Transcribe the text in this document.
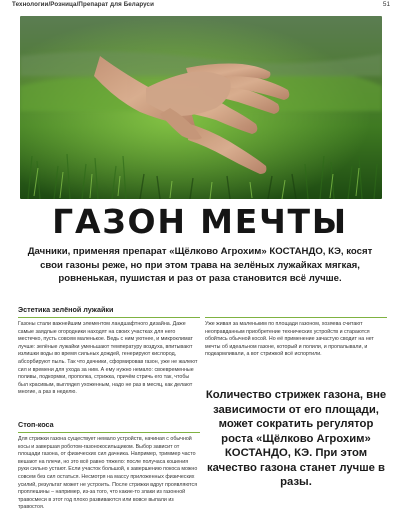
Технологии/Розница/Препарат для Беларуси	51
ГАЗОН МЕЧТЫ

Дачники, применяя препарат «Щёлково Агрохим» КОСТАНДО, КЭ, косят свои газоны реже, но при этом трава на зелёных лужайках мягкая, ровненькая, пушистая и раз от раза становится всё лучше.

Эстетика зелёной лужайки

Газоны стали важнейшим элементом ландшафтного дизайна. Даже самые заядлые огородники находят на своих участках для него местечко, пусть совсем маленькое. Ведь с ним уютнее, и микроклимат лучше: зелёные лужайки уменьшают температуру воздуха, впитывают излишки воды во время сильных дождей, генерируют кислород, абсорбируют пыль. Так что дачники, сформировав газон, уже не жалеют сил и времени для ухода за ним. А ему нужно немало: своевременные поливы, подкормки, прополка, стрижка, причём стричь его так, чтобы был красивым, выглядел ухоженным, надо не раз в месяц, как делают многие, а раз в неделю.

Уже живая за маленьким по площади газоном, хозяева считают неоправданным приобретение технических устройств и стараются обойтись обычной косой. Но её применение зачастую сводит на нет мечты об идеальном газоне, который и полили, и пропалывали, и подкармливали, а вот стрижкой всё испортили.

Стоп-коса

Для стрижки газона существует немало устройств, начиная с обычной косы и завершая роботом-газонокосильщиком. Выбор зависит от площади газона, от физических сил дачника. Например, триммер часто вешают на плечи, но это всё равно тяжело: после получаса кошения руки сильно устают. Если участок большой, к завершению покоса можно совсем без сил остаться. Несмотря на массу приложенных физических усилий, результат может не устроить. После стрижки вдруг проявляются проплешины – например, из-за того, что какие-то злаки из газонной травосмеси в этот год плохо развиваются или вовсе выпали из травостоя.

Количество стрижек газона, вне зависимости от его площади, может сократить регулятор роста «Щёлково Агрохим» КОСТАНДО, КЭ. При этом качество газона станет лучше в разы.
